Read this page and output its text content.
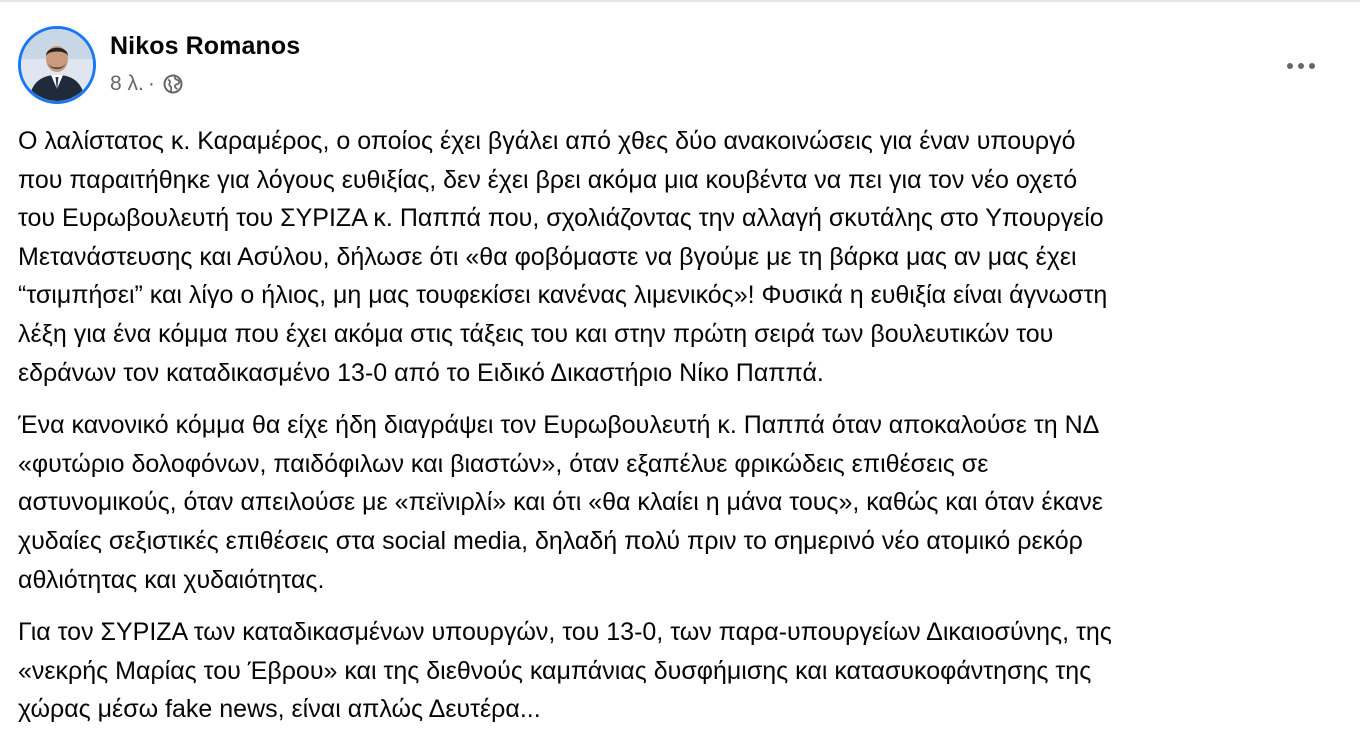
Nikos Romanos
8 λ. ·
Ο λαλίστατος κ. Καραμέρος, ο οποίος έχει βγάλει από χθες δύο ανακοινώσεις για έναν υπουργό
που παραιτήθηκε για λόγους ευθιξίας, δεν έχει βρει ακόμα μια κουβέντα να πει για τον νέο οχετό
του Ευρωβουλευτή του ΣΥΡΙΖΑ κ. Παππά που, σχολιάζοντας την αλλαγή σκυτάλης στο Υπουργείο
Μετανάστευσης και Ασύλου, δήλωσε ότι «θα φοβόμαστε να βγούμε με τη βάρκα μας αν μας έχει
“τσιμπήσει” και λίγο ο ήλιος, μη μας τουφεκίσει κανένας λιμενικός»! Φυσικά η ευθιξία είναι άγνωστη
λέξη για ένα κόμμα που έχει ακόμα στις τάξεις του και στην πρώτη σειρά των βουλευτικών του
εδράνων τον καταδικασμένο 13-0 από το Ειδικό Δικαστήριο Νίκο Παππά.
Ένα κανονικό κόμμα θα είχε ήδη διαγράψει τον Ευρωβουλευτή κ. Παππά όταν αποκαλούσε τη ΝΔ
«φυτώριο δολοφόνων, παιδόφιλων και βιαστών», όταν εξαπέλυε φρικώδεις επιθέσεις σε
αστυνομικούς, όταν απειλούσε με «πεϊνιρλί» και ότι «θα κλαίει η μάνα τους», καθώς και όταν έκανε
χυδαίες σεξιστικές επιθέσεις στα social media, δηλαδή πολύ πριν το σημερινό νέο ατομικό ρεκόρ
αθλιότητας και χυδαιότητας.
Για τον ΣΥΡΙΖΑ των καταδικασμένων υπουργών, του 13-0, των παρα-υπουργείων Δικαιοσύνης, της
«νεκρής Μαρίας του Έβρου» και της διεθνούς καμπάνιας δυσφήμισης και κατασυκοφάντησης της
χώρας μέσω fake news, είναι απλώς Δευτέρα...
